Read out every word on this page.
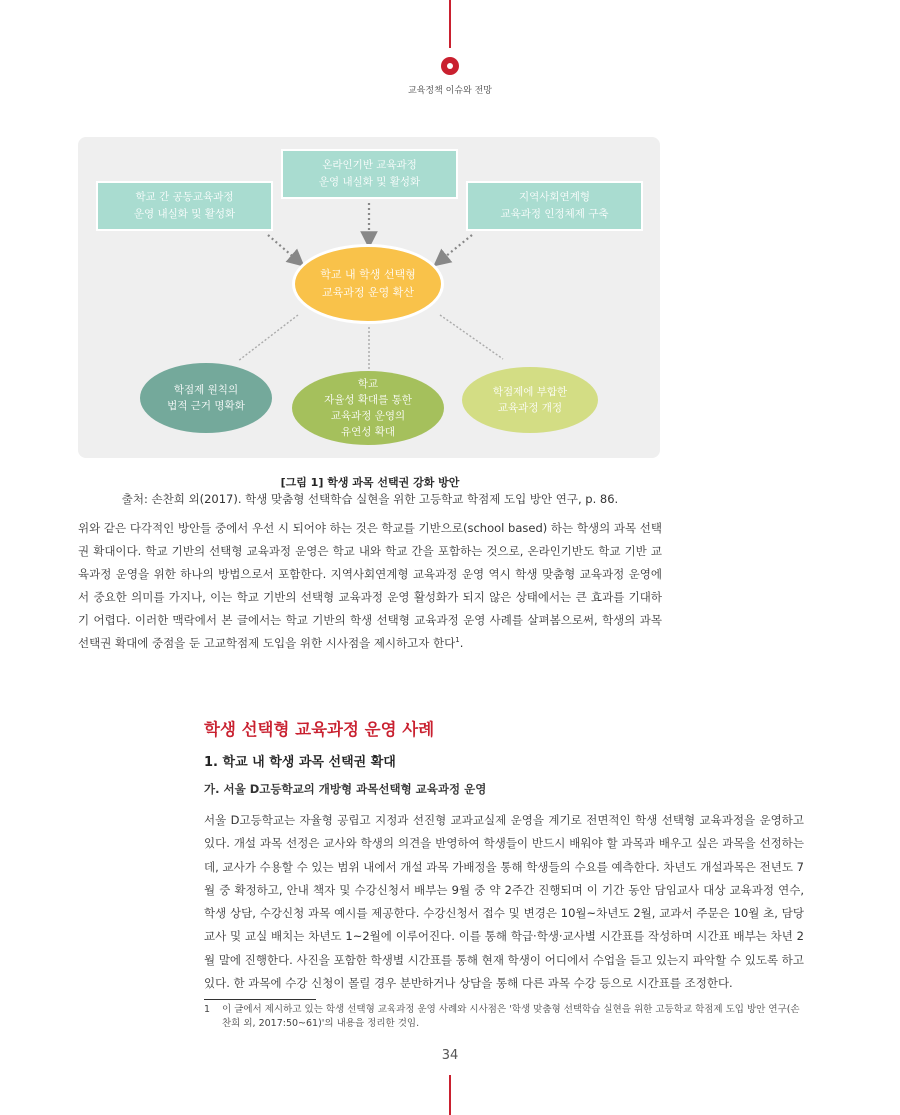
교육정책 이슈와 전망
학교 간 공동교육과정
운영 내실화 및 활성화
온라인기반 교육과정
운영 내실화 및 활성화
지역사회연계형
교육과정 인정체제 구축
학교 내 학생 선택형
교육과정 운영 확산
학점제 원칙의
법적 근거 명확화
학교
자율성 확대를 통한
교육과정 운영의
유연성 확대
학점제에 부합한
교육과정 개정
[그림 1] 학생 과목 선택권 강화 방안
출처: 손찬희 외(2017). 학생 맞춤형 선택학습 실현을 위한 고등학교 학점제 도입 방안 연구, p. 86.

위와 같은 다각적인 방안들 중에서 우선 시 되어야 하는 것은 학교를 기반으로(school based) 하는 학생의 과목 선택권 확대이다. 학교 기반의 선택형 교육과정 운영은 학교 내와 학교 간을 포함하는 것으로, 온라인기반도 학교 기반 교육과정 운영을 위한 하나의 방법으로서 포함한다. 지역사회연계형 교육과정 운영 역시 학생 맞춤형 교육과정 운영에서 중요한 의미를 가지나, 이는 학교 기반의 선택형 교육과정 운영 활성화가 되지 않은 상태에서는 큰 효과를 기대하기 어렵다. 이러한 맥락에서 본 글에서는 학교 기반의 학생 선택형 교육과정 운영 사례를 살펴봄으로써, 학생의 과목 선택권 확대에 중점을 둔 고교학점제 도입을 위한 시사점을 제시하고자 한다$^1$.

학생 선택형 교육과정 운영 사례
1. 학교 내 학생 과목 선택권 확대
가. 서울 D고등학교의 개방형 과목선택형 교육과정 운영

서울 D고등학교는 자율형 공립고 지정과 선진형 교과교실제 운영을 계기로 전면적인 학생 선택형 교육과정을 운영하고 있다. 개설 과목 선정은 교사와 학생의 의견을 반영하여 학생들이 반드시 배워야 할 과목과 배우고 싶은 과목을 선정하는데, 교사가 수용할 수 있는 범위 내에서 개설 과목 가배정을 통해 학생들의 수요를 예측한다. 차년도 개설과목은 전년도 7월 중 확정하고, 안내 책자 및 수강신청서 배부는 9월 중 약 2주간 진행되며 이 기간 동안 담임교사 대상 교육과정 연수, 학생 상담, 수강신청 과목 예시를 제공한다. 수강신청서 접수 및 변경은 10월~차년도 2월, 교과서 주문은 10월 초, 담당교사 및 교실 배치는 차년도 1~2월에 이루어진다. 이를 통해 학급·학생·교사별 시간표를 작성하며 시간표 배부는 차년 2월 말에 진행한다. 사진을 포함한 학생별 시간표를 통해 현재 학생이 어디에서 수업을 듣고 있는지 파악할 수 있도록 하고 있다. 한 과목에 수강 신청이 몰릴 경우 분반하거나 상담을 통해 다른 과목 수강 등으로 시간표를 조정한다.

1	이 글에서 제시하고 있는 학생 선택형 교육과정 운영 사례와 시사점은 '학생 맞춤형 선택학습 실현을 위한 고등학교 학점제 도입 방안 연구(손찬희 외, 2017:50~61)'의 내용을 정리한 것임.
34
